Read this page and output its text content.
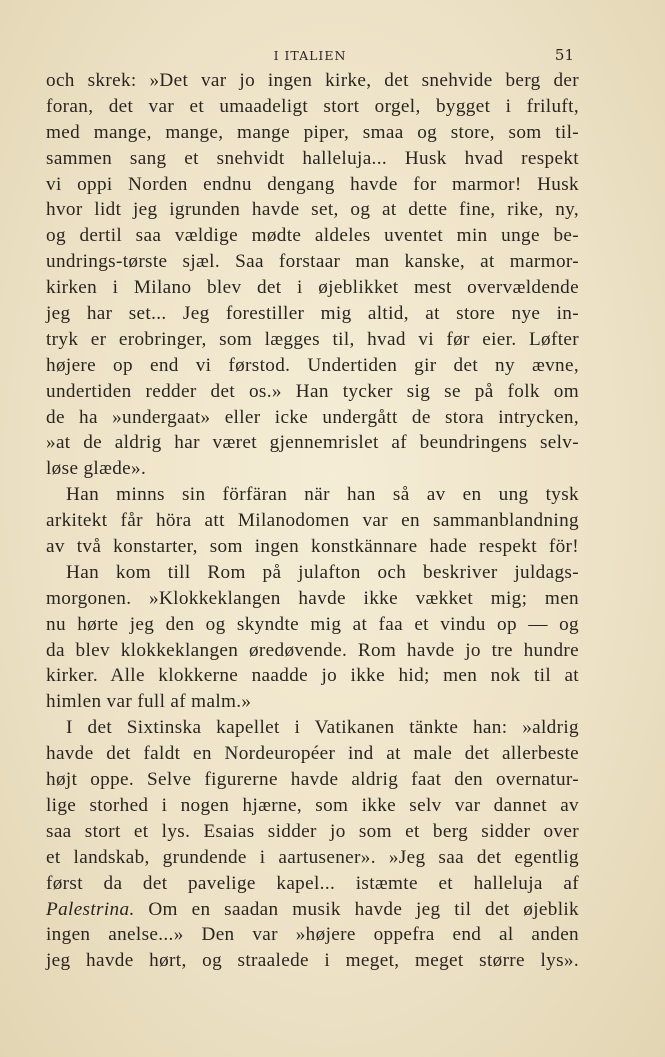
I ITALIEN	51
och skrek: »Det var jo ingen kirke, det snehvide berg der
foran, det var et umaadeligt stort orgel, bygget i friluft,
med mange, mange, mange piper, smaa og store, som til-
sammen sang et snehvidt halleluja... Husk hvad respekt
vi oppi Norden endnu dengang havde for marmor! Husk
hvor lidt jeg igrunden havde set, og at dette fine, rike, ny,
og dertil saa vældige mødte aldeles uventet min unge be-
undrings-tørste sjæl. Saa forstaar man kanske, at marmor-
kirken i Milano blev det i øjeblikket mest overvældende
jeg har set... Jeg forestiller mig altid, at store nye in-
tryk er erobringer, som lægges til, hvad vi før eier. Løfter
højere op end vi førstod. Undertiden gir det ny ævne,
undertiden redder det os.» Han tycker sig se på folk om
de ha »undergaat» eller icke undergått de stora intrycken,
»at de aldrig har været gjennemrislet af beundringens selv-
løse glæde».
Han minns sin förfäran när han så av en ung tysk
arkitekt får höra att Milanodomen var en sammanblandning
av två konstarter, som ingen konstkännare hade respekt för!
Han kom till Rom på julafton och beskriver juldags-
morgonen. »Klokkeklangen havde ikke vækket mig; men
nu hørte jeg den og skyndte mig at faa et vindu op — og
da blev klokkeklangen øredøvende. Rom havde jo tre hundre
kirker. Alle klokkerne naadde jo ikke hid; men nok til at
himlen var full af malm.»
I det Sixtinska kapellet i Vatikanen tänkte han: »aldrig
havde det faldt en Nordeuropéer ind at male det allerbeste
højt oppe. Selve figurerne havde aldrig faat den overnatur-
lige storhed i nogen hjærne, som ikke selv var dannet av
saa stort et lys. Esaias sidder jo som et berg sidder over
et landskab, grundende i aartusener». »Jeg saa det egentlig
først da det pavelige kapel... istæmte et halleluja af
Palestrina. Om en saadan musik havde jeg til det øjeblik
ingen anelse...» Den var »højere oppefra end al anden
jeg havde hørt, og straalede i meget, meget større lys».
